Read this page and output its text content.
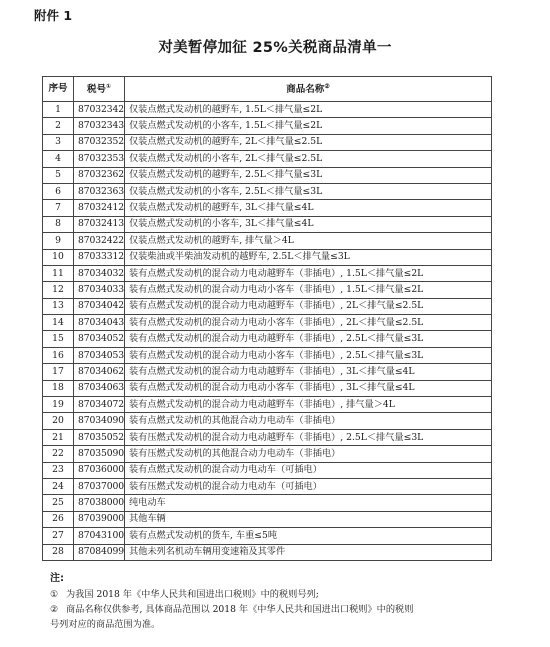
附件 1
对美暂停加征 25%关税商品清单一
序号	税号①	商品名称②
1	87032342	仅装点燃式发动机的越野车, 1.5L＜排气量≤2L
2	87032343	仅装点燃式发动机的小客车, 1.5L＜排气量≤2L
3	87032352	仅装点燃式发动机的越野车, 2L＜排气量≤2.5L
4	87032353	仅装点燃式发动机的小客车, 2L＜排气量≤2.5L
5	87032362	仅装点燃式发动机的越野车, 2.5L＜排气量≤3L
6	87032363	仅装点燃式发动机的小客车, 2.5L＜排气量≤3L
7	87032412	仅装点燃式发动机的越野车, 3L＜排气量≤4L
8	87032413	仅装点燃式发动机的小客车, 3L＜排气量≤4L
9	87032422	仅装点燃式发动机的越野车, 排气量＞4L
10	87033312	仅装柴油或半柴油发动机的越野车, 2.5L＜排气量≤3L
11	87034032	装有点燃式发动机的混合动力电动越野车（非插电）, 1.5L＜排气量≤2L
12	87034033	装有点燃式发动机的混合动力电动小客车（非插电）, 1.5L＜排气量≤2L
13	87034042	装有点燃式发动机的混合动力电动越野车（非插电）, 2L＜排气量≤2.5L
14	87034043	装有点燃式发动机的混合动力电动小客车（非插电）, 2L＜排气量≤2.5L
15	87034052	装有点燃式发动机的混合动力电动越野车（非插电）, 2.5L＜排气量≤3L
16	87034053	装有点燃式发动机的混合动力电动小客车（非插电）, 2.5L＜排气量≤3L
17	87034062	装有点燃式发动机的混合动力电动越野车（非插电）, 3L＜排气量≤4L
18	87034063	装有点燃式发动机的混合动力电动小客车（非插电）, 3L＜排气量≤4L
19	87034072	装有点燃式发动机的混合动力电动越野车（非插电）, 排气量＞4L
20	87034090	装有点燃式发动机的其他混合动力电动车（非插电）
21	87035052	装有压燃式发动机的混合动力电动越野车（非插电）, 2.5L＜排气量≤3L
22	87035090	装有压燃式发动机的其他混合动力电动车（非插电）
23	87036000	装有点燃式发动机的混合动力电动车（可插电）
24	87037000	装有压燃式发动机的混合动力电动车（可插电）
25	87038000	纯电动车
26	87039000	其他车辆
27	87043100	装有点燃式发动机的货车, 车重≤5吨
28	87084099	其他未列名机动车辆用变速箱及其零件
注:
① 为我国 2018 年《中华人民共和国进出口税则》中的税则号列;
② 商品名称仅供参考, 具体商品范围以 2018 年《中华人民共和国进出口税则》中的税则
号列对应的商品范围为准。
